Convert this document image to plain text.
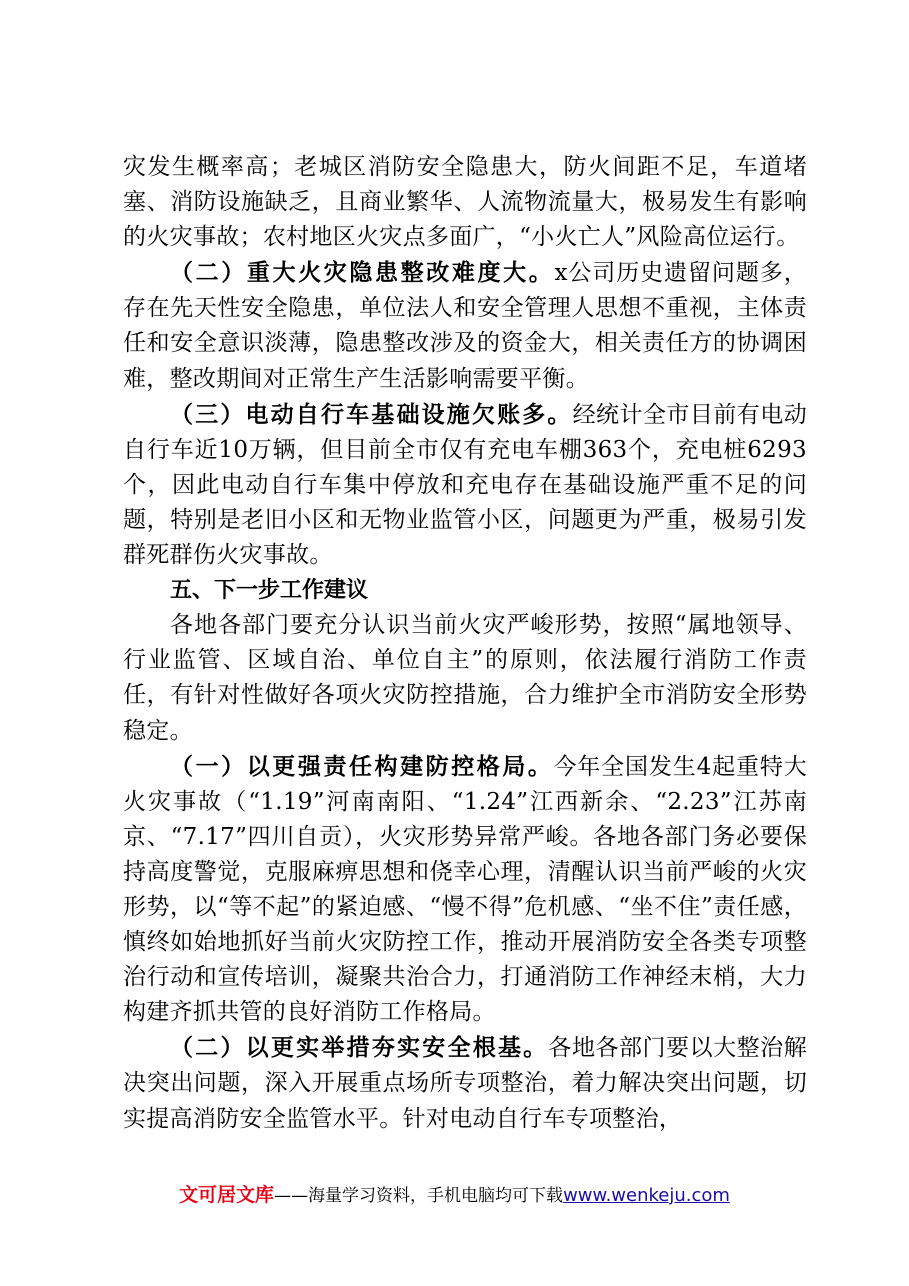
灾发生概率高；老城区消防安全隐患大，防火间距不足，车道堵塞、消防设施缺乏，且商业繁华、人流物流量大，极易发生有影响的火灾事故；农村地区火灾点多面广，“小火亡人”风险高位运行。

（二）重大火灾隐患整改难度大。x公司历史遗留问题多，存在先天性安全隐患，单位法人和安全管理人思想不重视，主体责任和安全意识淡薄，隐患整改涉及的资金大，相关责任方的协调困难，整改期间对正常生产生活影响需要平衡。

（三）电动自行车基础设施欠账多。经统计全市目前有电动自行车近10万辆，但目前全市仅有充电车棚363个，充电桩6293个，因此电动自行车集中停放和充电存在基础设施严重不足的问题，特别是老旧小区和无物业监管小区，问题更为严重，极易引发群死群伤火灾事故。

五、下一步工作建议

各地各部门要充分认识当前火灾严峻形势，按照“属地领导、行业监管、区域自治、单位自主”的原则，依法履行消防工作责任，有针对性做好各项火灾防控措施，合力维护全市消防安全形势稳定。

（一）以更强责任构建防控格局。今年全国发生4起重特大火灾事故（“1.19”河南南阳、“1.24”江西新余、“2.23”江苏南京、“7.17”四川自贡），火灾形势异常严峻。各地各部门务必要保持高度警觉，克服麻痹思想和侥幸心理，清醒认识当前严峻的火灾形势，以“等不起”的紧迫感、“慢不得”危机感、“坐不住”责任感，慎终如始地抓好当前火灾防控工作，推动开展消防安全各类专项整治行动和宣传培训，凝聚共治合力，打通消防工作神经末梢，大力构建齐抓共管的良好消防工作格局。

（二）以更实举措夯实安全根基。各地各部门要以大整治解决突出问题，深入开展重点场所专项整治，着力解决突出问题，切实提高消防安全监管水平。针对电动自行车专项整治，

文可居文库——海量学习资料，手机电脑均可下载www.wenkeju.com
